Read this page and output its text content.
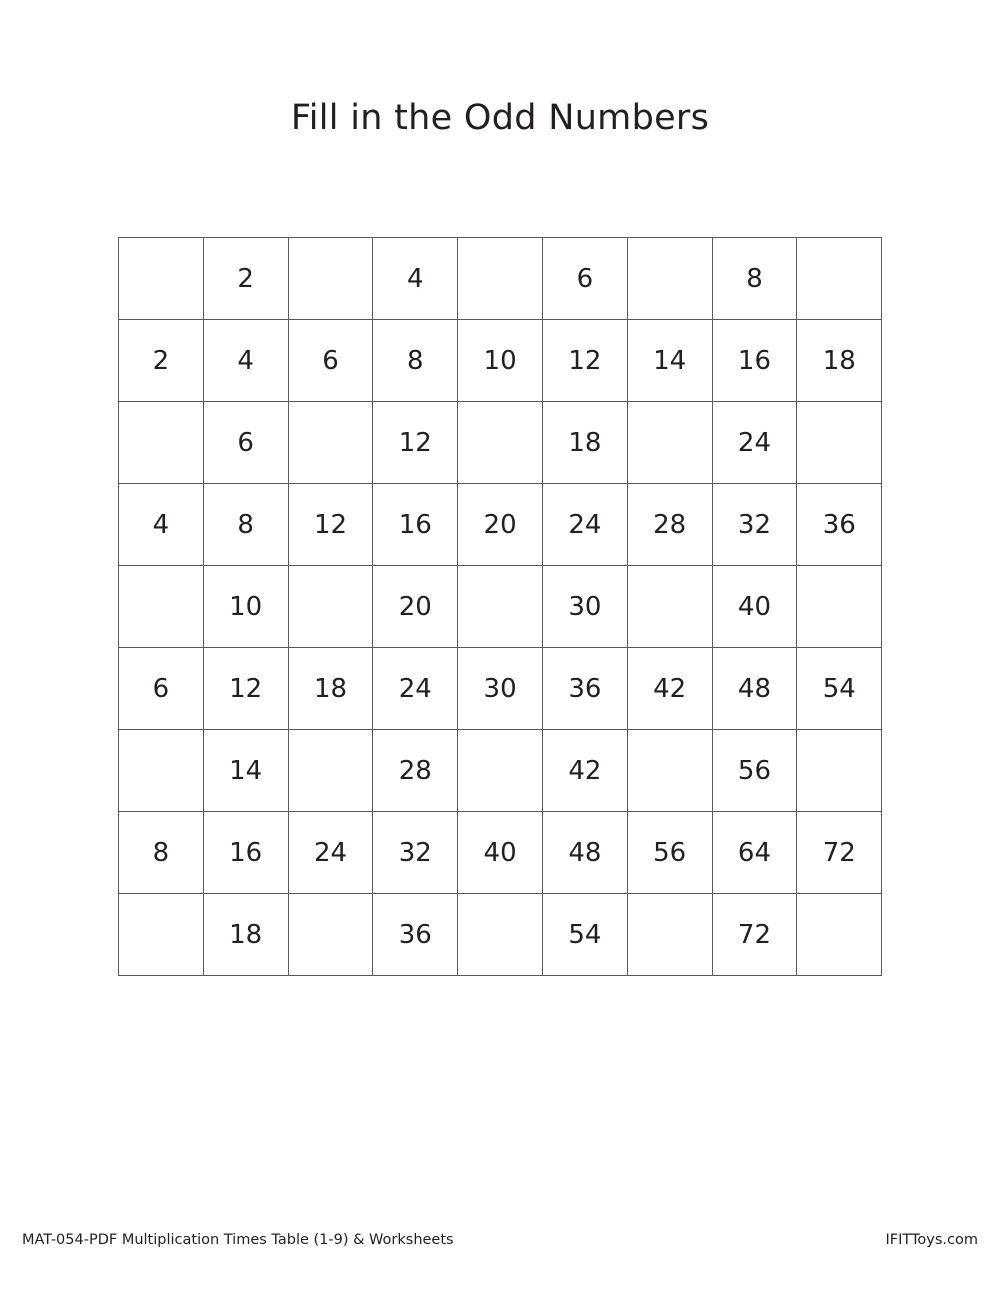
Fill in the Odd Numbers
	2		4		6		8	
2	4	6	8	10	12	14	16	18
	6		12		18		24	
4	8	12	16	20	24	28	32	36
	10		20		30		40	
6	12	18	24	30	36	42	48	54
	14		28		42		56	
8	16	24	32	40	48	56	64	72
	18		36		54		72	
MAT-054-PDF Multiplication Times Table (1-9) & Worksheets	IFITToys.com
